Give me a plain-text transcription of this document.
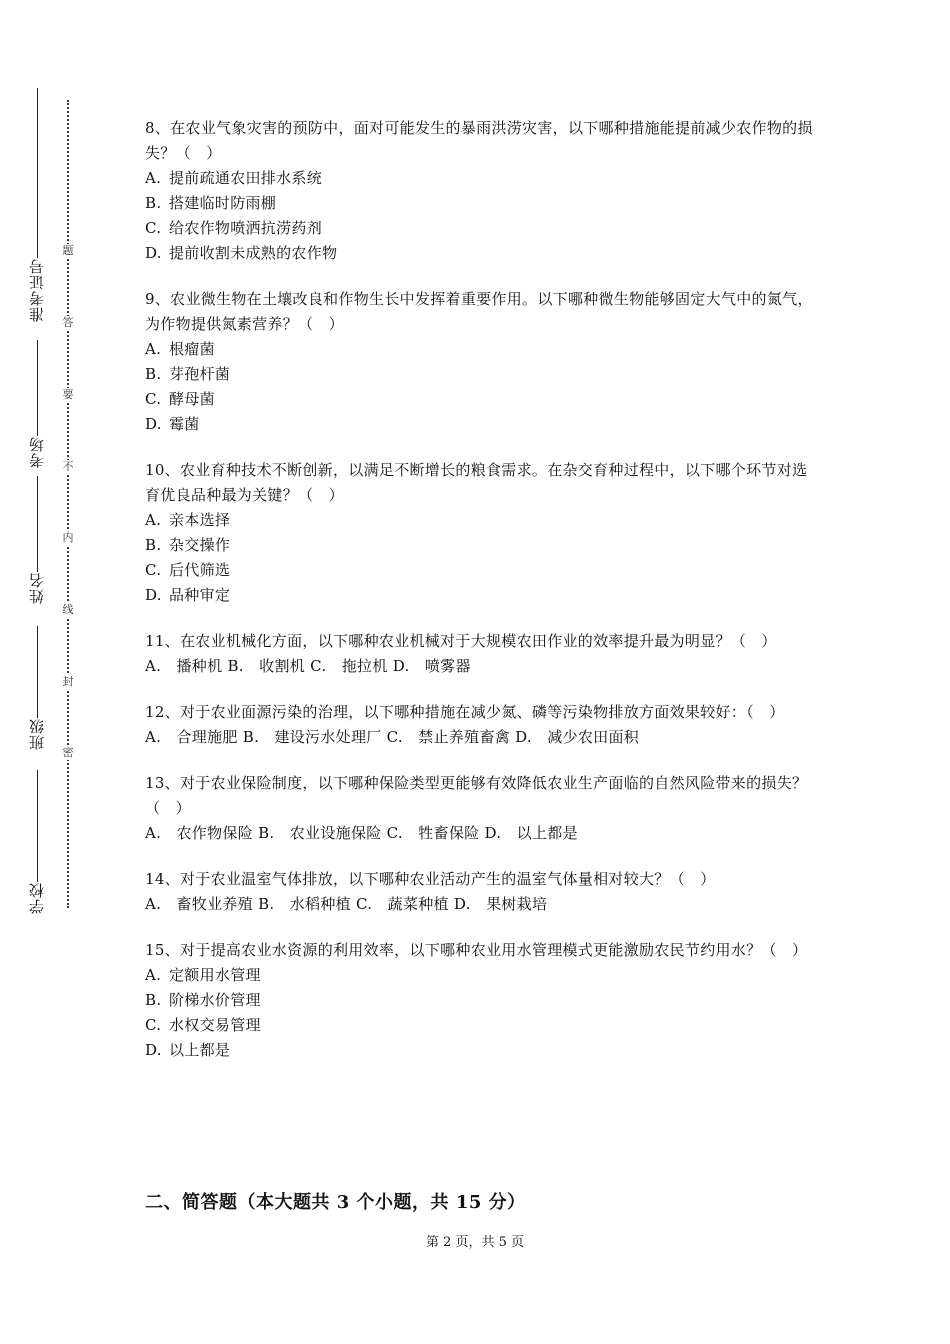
准考证号
考场
姓名
班级
学校
题
答
要
不
内
线
封
密
8、在农业气象灾害的预防中，面对可能发生的暴雨洪涝灾害，以下哪种措施能提前减少农作物的损失？（　）
A. 提前疏通农田排水系统
B. 搭建临时防雨棚
C. 给农作物喷洒抗涝药剂
D. 提前收割未成熟的农作物
9、农业微生物在土壤改良和作物生长中发挥着重要作用。以下哪种微生物能够固定大气中的氮气，为作物提供氮素营养？（　）
A. 根瘤菌
B. 芽孢杆菌
C. 酵母菌
D. 霉菌
10、农业育种技术不断创新，以满足不断增长的粮食需求。在杂交育种过程中，以下哪个环节对选育优良品种最为关键？（　）
A. 亲本选择
B. 杂交操作
C. 后代筛选
D. 品种审定
11、在农业机械化方面，以下哪种农业机械对于大规模农田作业的效率提升最为明显？（　）
A.　播种机 B.　收割机 C.　拖拉机 D.　喷雾器
12、对于农业面源污染的治理，以下哪种措施在减少氮、磷等污染物排放方面效果较好：（　）
A.　合理施肥 B.　建设污水处理厂 C.　禁止养殖畜禽 D.　减少农田面积
13、对于农业保险制度，以下哪种保险类型更能够有效降低农业生产面临的自然风险带来的损失？（　）
A.　农作物保险 B.　农业设施保险 C.　牲畜保险 D.　以上都是
14、对于农业温室气体排放，以下哪种农业活动产生的温室气体量相对较大？（　）
A.　畜牧业养殖 B.　水稻种植 C.　蔬菜种植 D.　果树栽培
15、对于提高农业水资源的利用效率，以下哪种农业用水管理模式更能激励农民节约用水？（　）
A. 定额用水管理
B. 阶梯水价管理
C. 水权交易管理
D. 以上都是
二、简答题（本大题共 3 个小题，共 15 分）
第 2 页，共 5 页
